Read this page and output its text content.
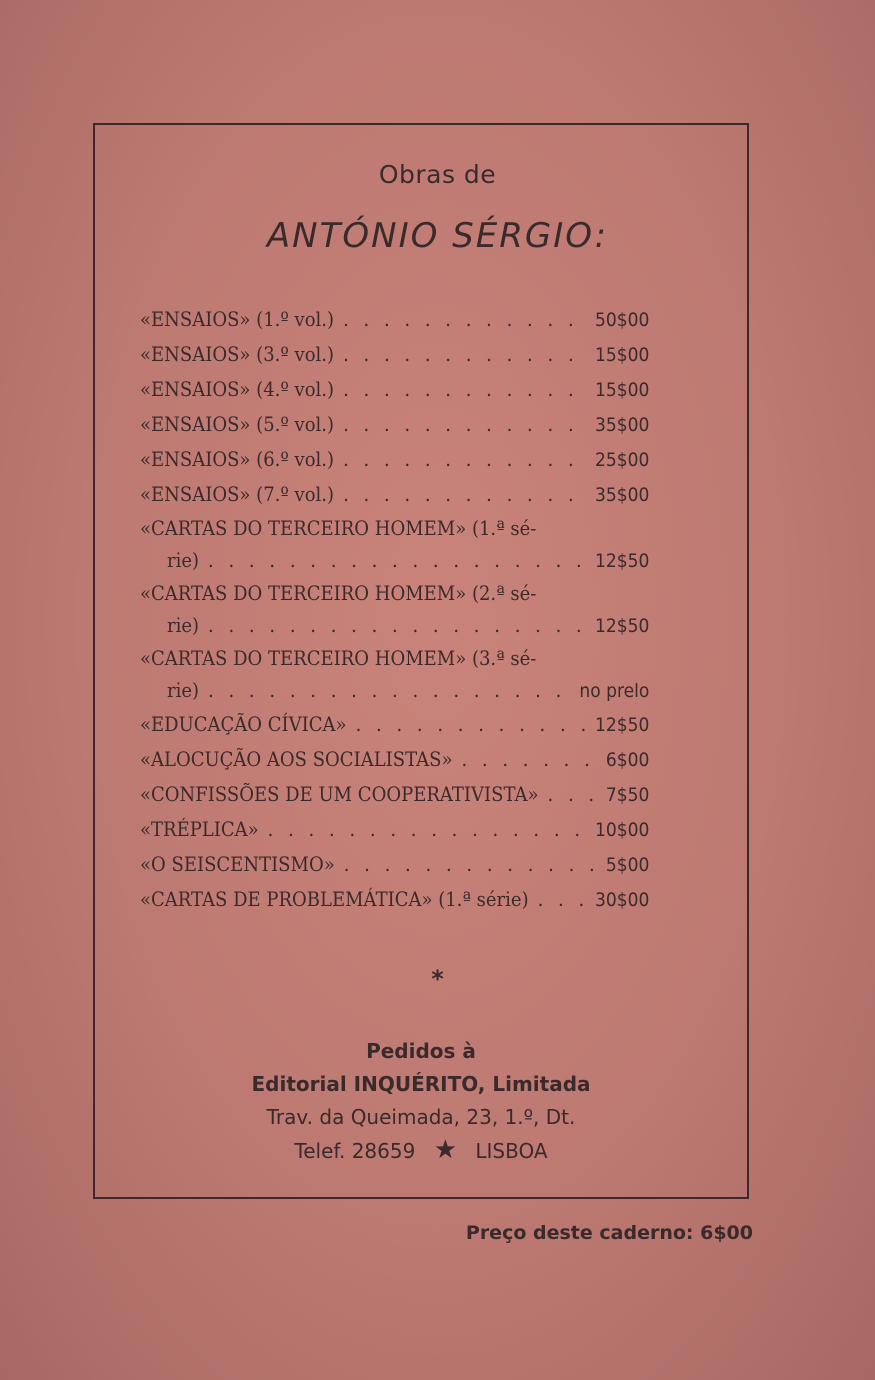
Obras de
ANTÓNIO SÉRGIO:
«ENSAIOS» (1.º vol.) . . .	50$00
«ENSAIOS» (3.º vol.) . . .	15$00
«ENSAIOS» (4.º vol.) . . .	15$00
«ENSAIOS» (5.º vol.) . . .	35$00
«ENSAIOS» (6.º vol.) . . .	25$00
«ENSAIOS» (7.º vol.) . . .	35$00
«CARTAS DO TERCEIRO HOMEM» (1.ª sé-
rie) . . .	12$50
«CARTAS DO TERCEIRO HOMEM» (2.ª sé-
rie) . . .	12$50
«CARTAS DO TERCEIRO HOMEM» (3.ª sé-
rie) . . .	no prelo
«EDUCAÇÃO CÍVICA» . . .	12$50
«ALOCUÇÃO AOS SOCIALISTAS» . . .	6$00
«CONFISSÕES DE UM COOPERATIVISTA» . . .	7$50
«TRÉPLICA» . . .	10$00
«O SEISCENTISMO» . . .	5$00
«CARTAS DE PROBLEMÁTICA» (1.ª série) . . .	30$00
*
Pedidos à
Editorial INQUÉRITO, Limitada
Trav. da Queimada, 23, 1.º, Dt.
Telef. 28659 ★ LISBOA
Preço deste caderno: 6$00
